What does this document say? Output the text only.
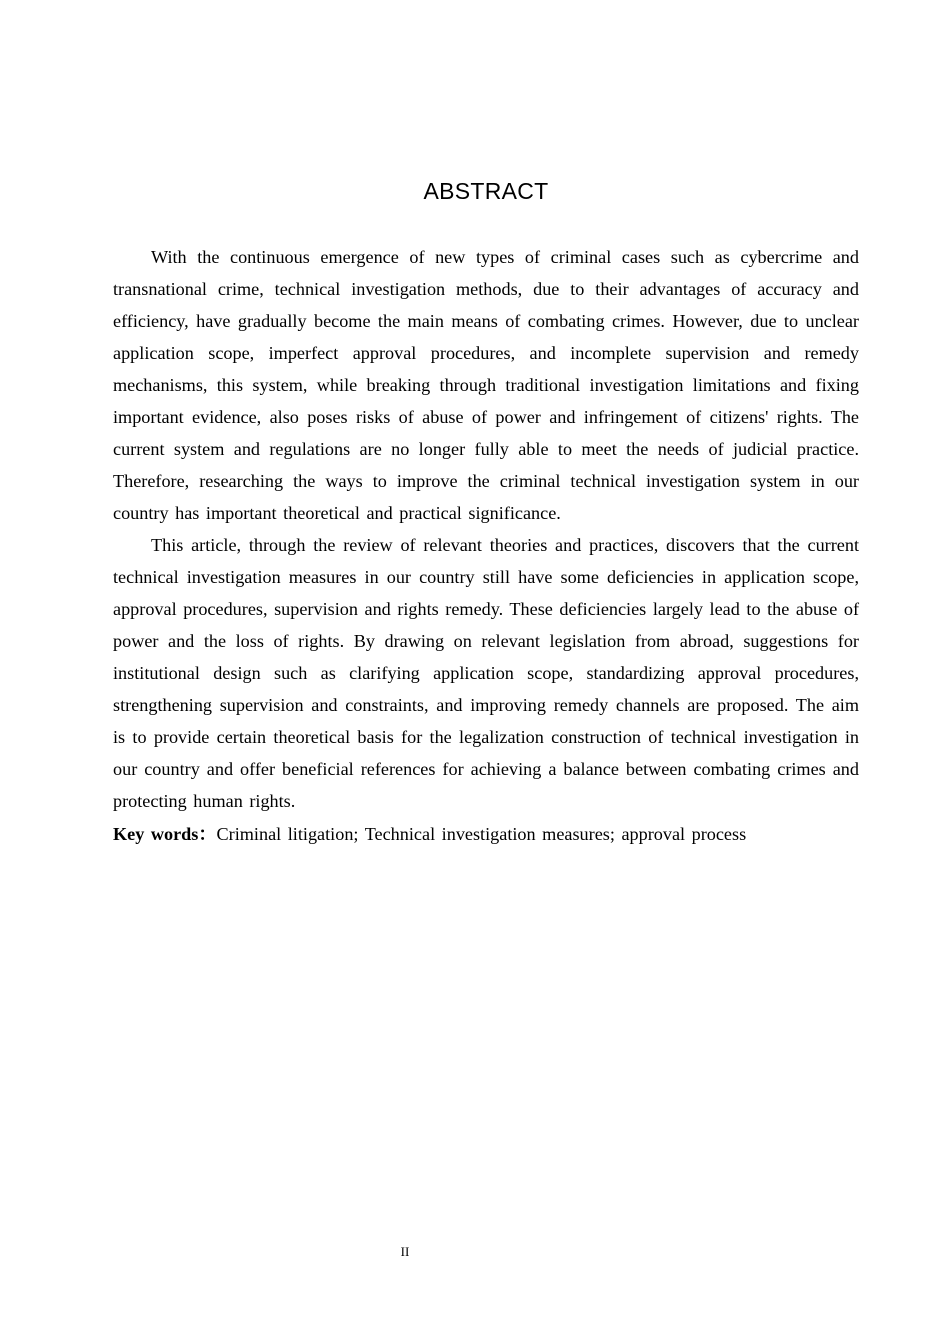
ABSTRACT

With the continuous emergence of new types of criminal cases such as cybercrime and transnational crime, technical investigation methods, due to their advantages of accuracy and efficiency, have gradually become the main means of combating crimes. However, due to unclear application scope, imperfect approval procedures, and incomplete supervision and remedy mechanisms, this system, while breaking through traditional investigation limitations and fixing important evidence, also poses risks of abuse of power and infringement of citizens' rights. The current system and regulations are no longer fully able to meet the needs of judicial practice. Therefore, researching the ways to improve the criminal technical investigation system in our country has important theoretical and practical significance.

This article, through the review of relevant theories and practices, discovers that the current technical investigation measures in our country still have some deficiencies in application scope, approval procedures, supervision and rights remedy. These deficiencies largely lead to the abuse of power and the loss of rights. By drawing on relevant legislation from abroad, suggestions for institutional design such as clarifying application scope, standardizing approval procedures, strengthening supervision and constraints, and improving remedy channels are proposed. The aim is to provide certain theoretical basis for the legalization construction of technical investigation in our country and offer beneficial references for achieving a balance between combating crimes and protecting human rights.

Key words：Criminal litigation; Technical investigation measures; approval process

II
